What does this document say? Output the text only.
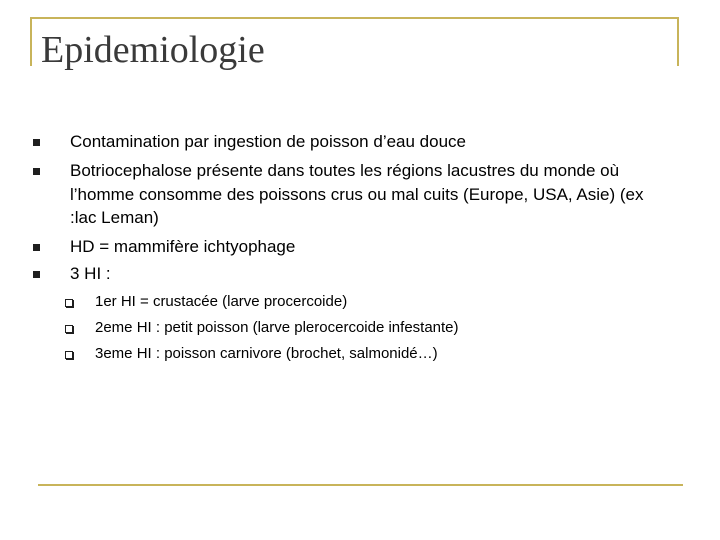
Epidemiologie
Contamination par ingestion de poisson d’eau douce
Botriocephalose présente dans toutes les régions lacustres du monde où l’homme consomme des poissons crus ou mal cuits (Europe, USA, Asie) (ex :lac Leman)
HD = mammifère ichtyophage
3 HI :
1er HI = crustacée (larve procercoide)
2eme HI : petit poisson (larve plerocercoide infestante)
3eme HI : poisson carnivore (brochet, salmonidé…)
